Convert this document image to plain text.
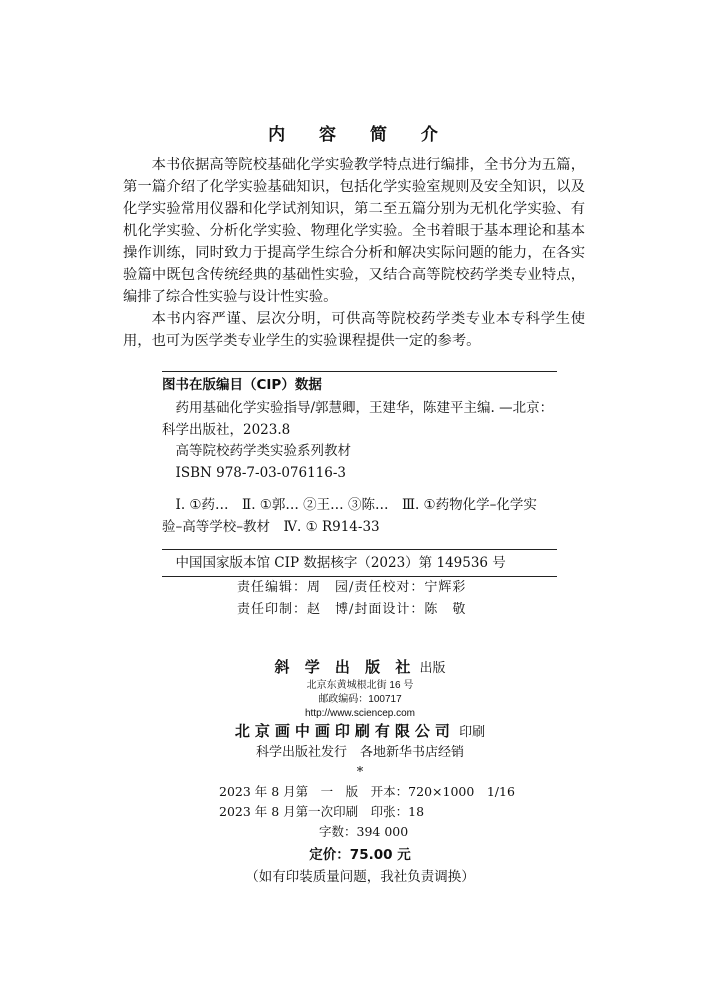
内 容 简 介

本书依据高等院校基础化学实验教学特点进行编排，全书分为五篇，第一篇介绍了化学实验基础知识，包括化学实验室规则及安全知识，以及化学实验常用仪器和化学试剂知识，第二至五篇分别为无机化学实验、有机化学实验、分析化学实验、物理化学实验。全书着眼于基本理论和基本操作训练，同时致力于提高学生综合分析和解决实际问题的能力，在各实验篇中既包含传统经典的基础性实验，又结合高等院校药学类专业特点，编排了综合性实验与设计性实验。

本书内容严谨、层次分明，可供高等院校药学类专业本专科学生使用，也可为医学类专业学生的实验课程提供一定的参考。

图书在版编目（CIP）数据
药用基础化学实验指导/郭慧卿，王建华，陈建平主编. —北京：
科学出版社，2023.8
高等院校药学类实验系列教材
ISBN 978-7-03-076116-3
Ⅰ. ①药…　Ⅱ. ①郭… ②王… ③陈…　Ⅲ. ①药物化学–化学实
验–高等学校–教材　Ⅳ. ① R914-33
中国国家版本馆 CIP 数据核字（2023）第 149536 号
责任编辑：周　园/责任校对：宁辉彩
责任印制：赵　博/封面设计：陈　敬
斜 学 出 版 社 出版
北京东黄城根北街 16 号
邮政编码：100717
http://www.sciencep.com
北京画中画印刷有限公司 印刷
科学出版社发行　各地新华书店经销
*
2023 年 8 月第　一　版　开本：720×1000　1/16
2023 年 8 月第一次印刷　印张：18
字数：394 000
定价：75.00 元
（如有印装质量问题，我社负责调换）
